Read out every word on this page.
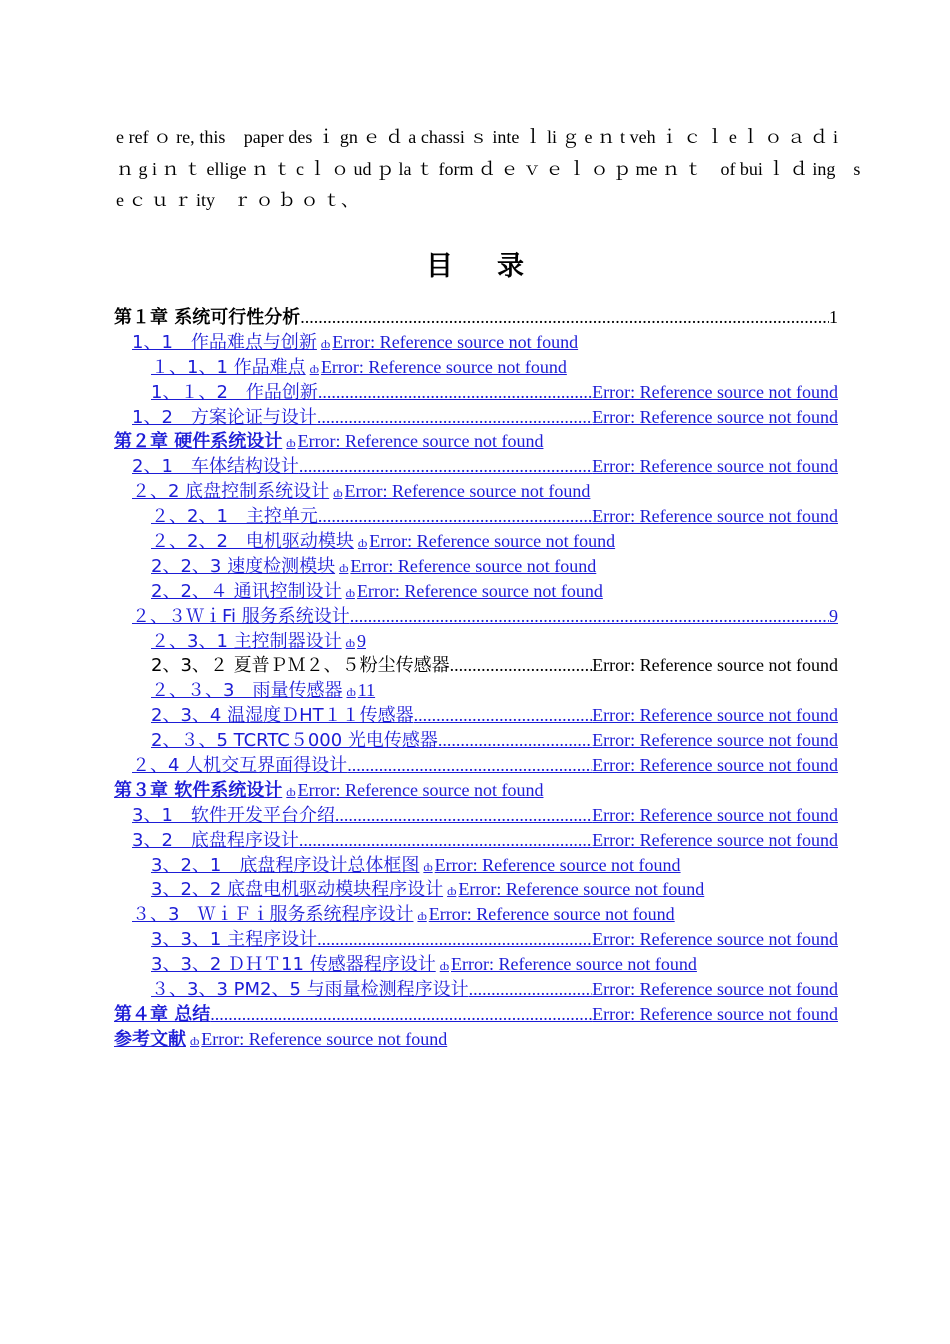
e ref ｏ re, this　paper des ｉ gn ｅ ｄ a chassi ｓ inte ｌ li ｇ e ｎ t veh ｉ ｃ ｌ e ｌ ｏ ａ ｄ i
ｎ g i ｎ ｔ ellige ｎ ｔ c ｌ ｏ ud ｐ la ｔ form ｄ ｅ ｖ ｅ ｌ ｏ ｐ me ｎ ｔ　of bui ｌ ｄ ing　s
e ｃ ｕ ｒ ity　ｒ ｏ ｂ ｏ ｔ、
目录
第１章 系统可行性分析 .....	1
1、1　作品难点与创新 ȸ Error: Reference source not found
１、1、1 作品难点 ȸ Error: Reference source not found
1、１、2　作品创新 .....	Error: Reference source not found
1、2　方案论证与设计 .....	Error: Reference source not found
第２章 硬件系统设计 ȸ Error: Reference source not found
2、1　车体结构设计 .....	Error: Reference source not found
２、2 底盘控制系统设计 ȸ Error: Reference source not found
２、2、1　主控单元 .....	Error: Reference source not found
２、2、2　电机驱动模块 ȸ Error: Reference source not found
2、2、3 速度检测模块 ȸ Error: Reference source not found
2、2、４ 通讯控制设计 ȸ Error: Reference source not found
２、３ＷｉFi 服务系统设计 .....	9
２、3、1 主控制器设计 ȸ 9
2、3、２ 夏普ＰＭ２、５粉尘传感器 .....	Error: Reference source not found
２、３、3　雨量传感器 ȸ 11
2、3、4 温湿度ＤHT１１传感器 .....	Error: Reference source not found
2、３、5 TCRTC５000 光电传感器 .....	Error: Reference source not found
２、4 人机交互界面得设计 .....	Error: Reference source not found
第３章 软件系统设计 ȸ Error: Reference source not found
3、1　软件开发平台介绍 .....	Error: Reference source not found
3、2　底盘程序设计 .....	Error: Reference source not found
3、2、1　底盘程序设计总体框图 ȸ Error: Reference source not found
3、2、2 底盘电机驱动模块程序设计 ȸ Error: Reference source not found
３、3　ＷｉＦｉ服务系统程序设计 ȸ Error: Reference source not found
3、3、1 主程序设计 .....	Error: Reference source not found
3、3、2 ＤＨＴ11 传感器程序设计 ȸ Error: Reference source not found
３、3、3 PM2、5 与雨量检测程序设计 .....	Error: Reference source not found
第４章 总结 .....	Error: Reference source not found
参考文献 ȸ Error: Reference source not found
